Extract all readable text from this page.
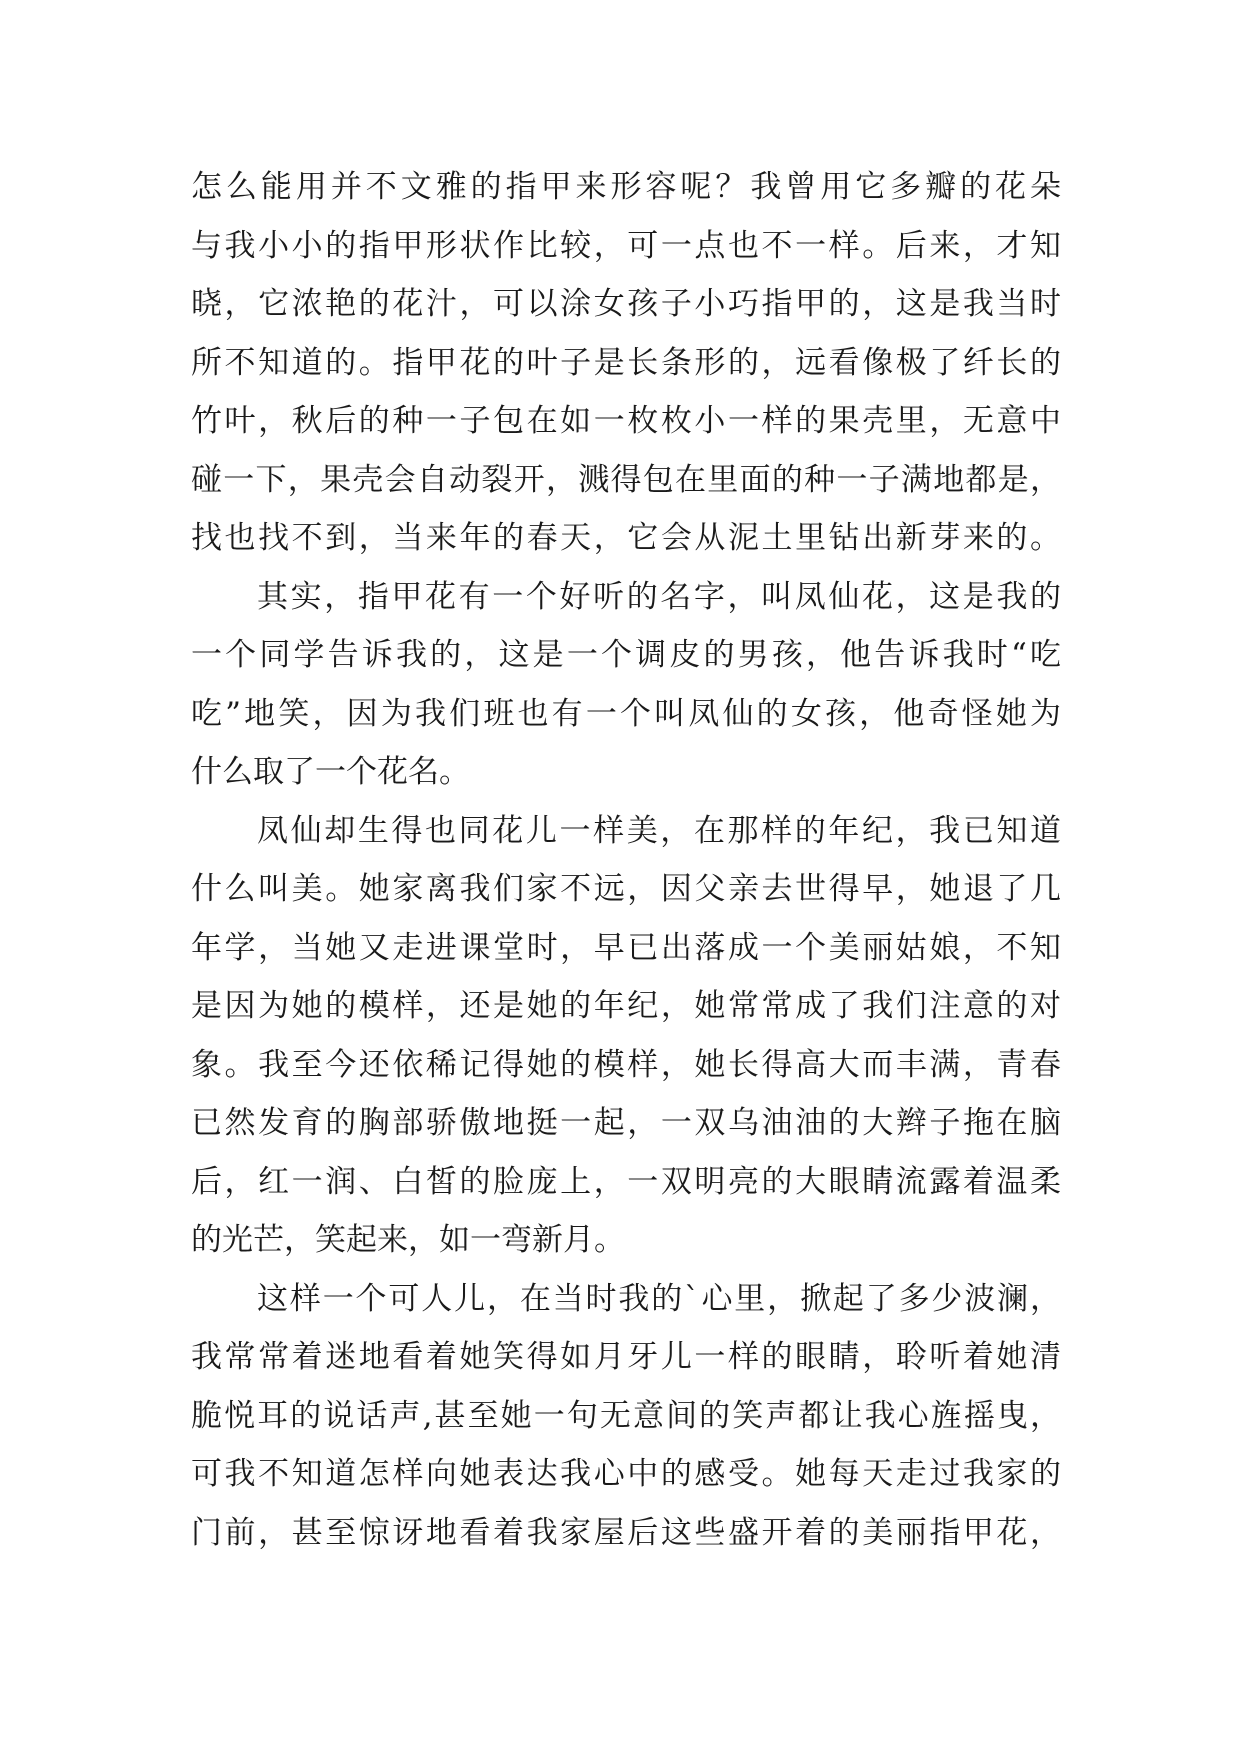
怎么能用并不文雅的指甲来形容呢？我曾用它多瓣的花朵
与我小小的指甲形状作比较，可一点也不一样。后来，才知
晓，它浓艳的花汁，可以涂女孩子小巧指甲的，这是我当时
所不知道的。指甲花的叶子是长条形的，远看像极了纤长的
竹叶，秋后的种一子包在如一枚枚小一样的果壳里，无意中
碰一下，果壳会自动裂开，溅得包在里面的种一子满地都是，
找也找不到，当来年的春天，它会从泥土里钻出新芽来的。
其实，指甲花有一个好听的名字，叫凤仙花，这是我的
一个同学告诉我的，这是一个调皮的男孩，他告诉我时“吃
吃”地笑，因为我们班也有一个叫凤仙的女孩，他奇怪她为
什么取了一个花名。
凤仙却生得也同花儿一样美，在那样的年纪，我已知道
什么叫美。她家离我们家不远，因父亲去世得早，她退了几
年学，当她又走进课堂时，早已出落成一个美丽姑娘，不知
是因为她的模样，还是她的年纪，她常常成了我们注意的对
象。我至今还依稀记得她的模样，她长得高大而丰满，青春
已然发育的胸部骄傲地挺一起，一双乌油油的大辫子拖在脑
后，红一润、白皙的脸庞上，一双明亮的大眼睛流露着温柔
的光芒，笑起来，如一弯新月。
这样一个可人儿，在当时我的`心里，掀起了多少波澜，
我常常着迷地看着她笑得如月牙儿一样的眼睛，聆听着她清
脆悦耳的说话声,甚至她一句无意间的笑声都让我心旌摇曳，
可我不知道怎样向她表达我心中的感受。她每天走过我家的
门前，甚至惊讶地看着我家屋后这些盛开着的美丽指甲花，
